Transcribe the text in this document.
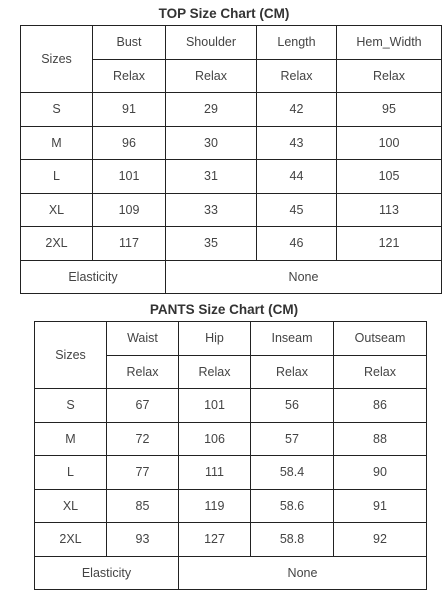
TOP Size Chart (CM)
Sizes	Bust	Shoulder	Length	Hem_Width
	Relax	Relax	Relax	Relax
S	91	29	42	95
M	96	30	43	100
L	101	31	44	105
XL	109	33	45	113
2XL	117	35	46	121
Elasticity		None		
PANTS Size Chart (CM)
Sizes	Waist	Hip	Inseam	Outseam
	Relax	Relax	Relax	Relax
S	67	101	56	86
M	72	106	57	88
L	77	111	58.4	90
XL	85	119	58.6	91
2XL	93	127	58.8	92
Elasticity		None		
